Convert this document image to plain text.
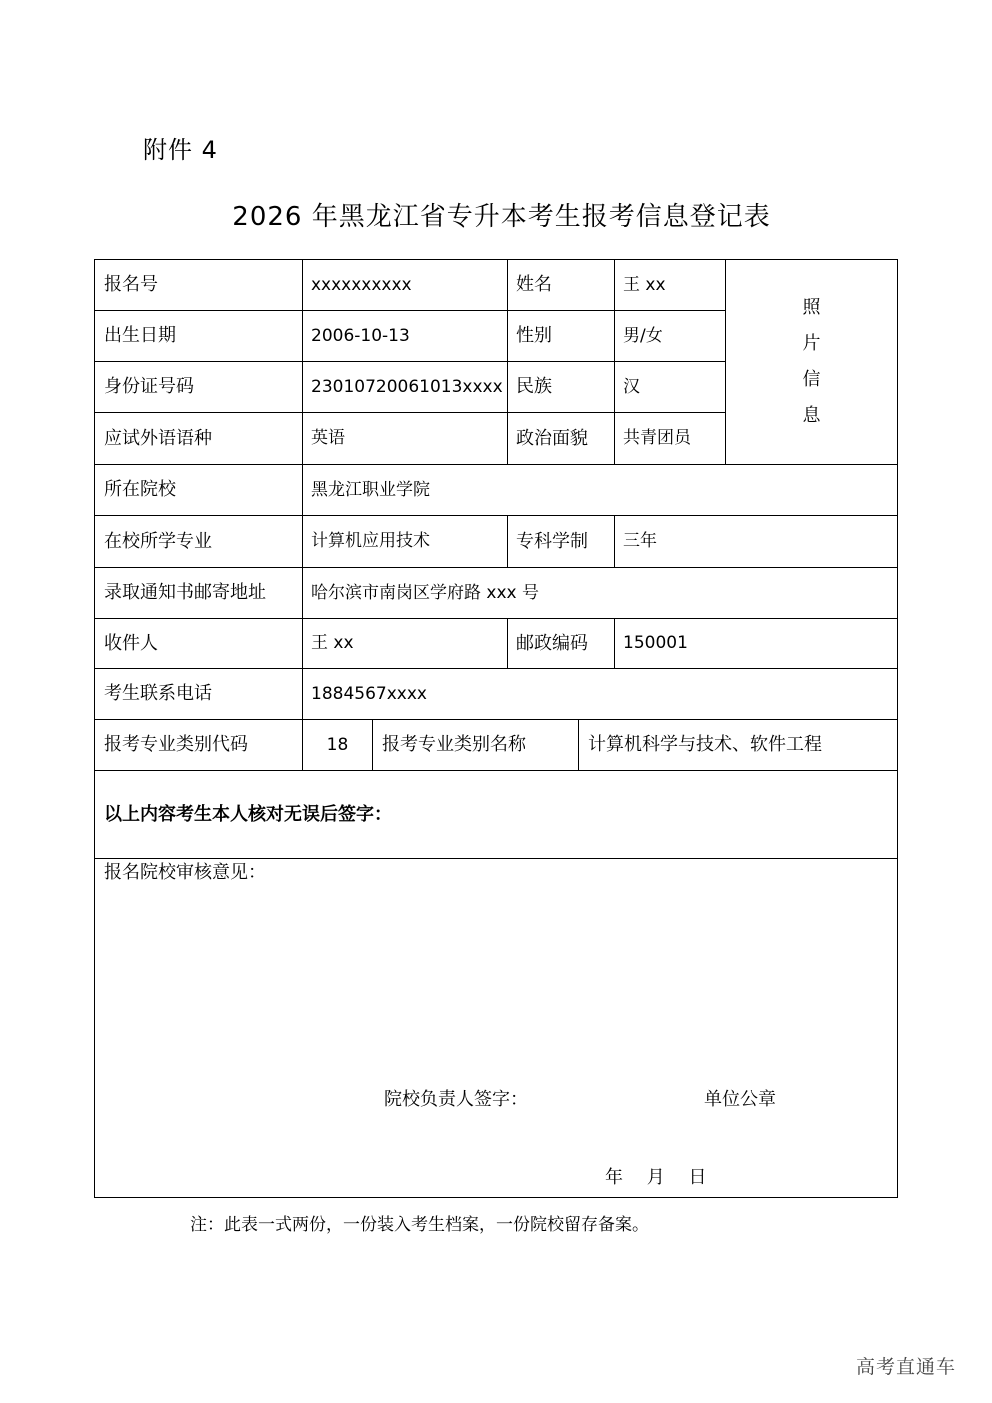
附件 4
2026 年黑龙江省专升本考生报考信息登记表
报名号	xxxxxxxxxx	姓名	王 xx
出生日期	2006-10-13	性别	男/女
身份证号码	23010720061013xxxx 民族	汉
应试外语语种	英语	政治面貌 共青团员
照
片
信
息
所在院校	黑龙江职业学院
在校所学专业	计算机应用技术	专科学制 三年
录取通知书邮寄地址	哈尔滨市南岗区学府路 xxx 号
收件人	王 xx	邮政编码 150001
考生联系电话	1884567xxxx
报考专业类别代码	18	报考专业类别名称	计算机科学与技术、软件工程
以上内容考生本人核对无误后签字：
报名院校审核意见：
院校负责人签字：	单位公章
年　 月　 日
注：此表一式两份，一份装入考生档案，一份院校留存备案。
高考直通车
